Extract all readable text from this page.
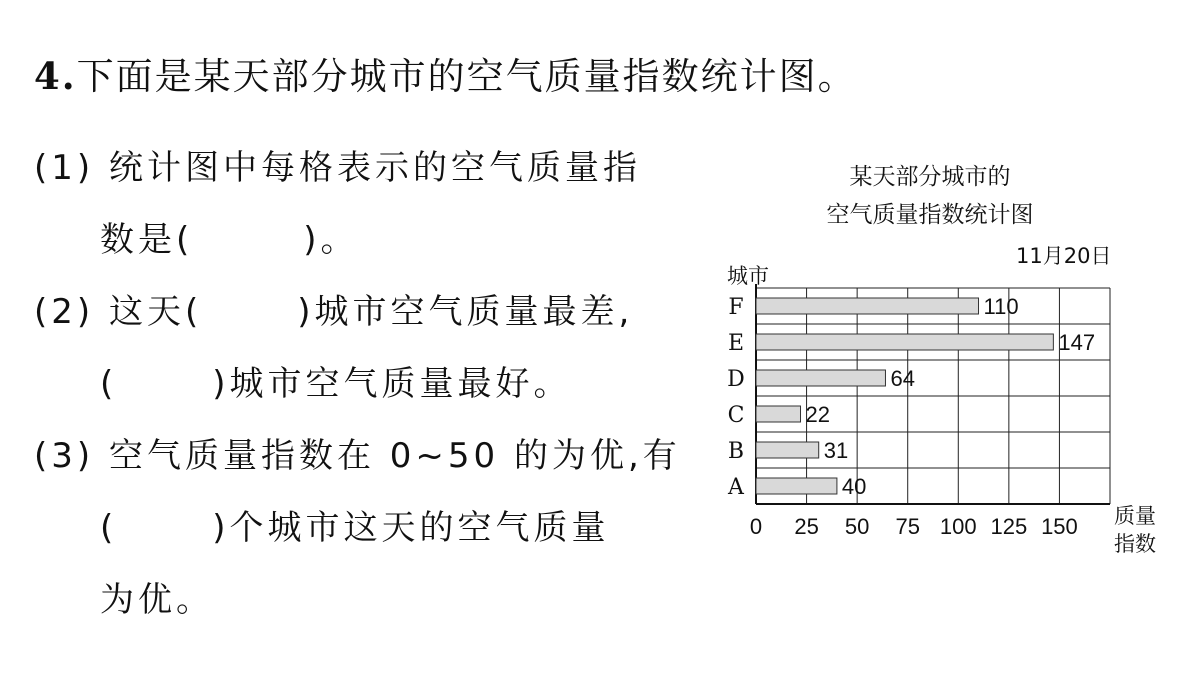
4.下面是某天部分城市的空气质量指数统计图。
(1) 统计图中每格表示的空气质量指
数是(	)。
(2) 这天(	)城市空气质量最差,
(	)城市空气质量最好。
(3) 空气质量指数在 0~50 的为优,有
(	)个城市这天的空气质量
为优。
某天部分城市的
空气质量指数统计图
11月20日
城市
质量
指数
F	110
E	147
D	64
C	22
B	31
A	40
0 25 50 75 100 125 150
